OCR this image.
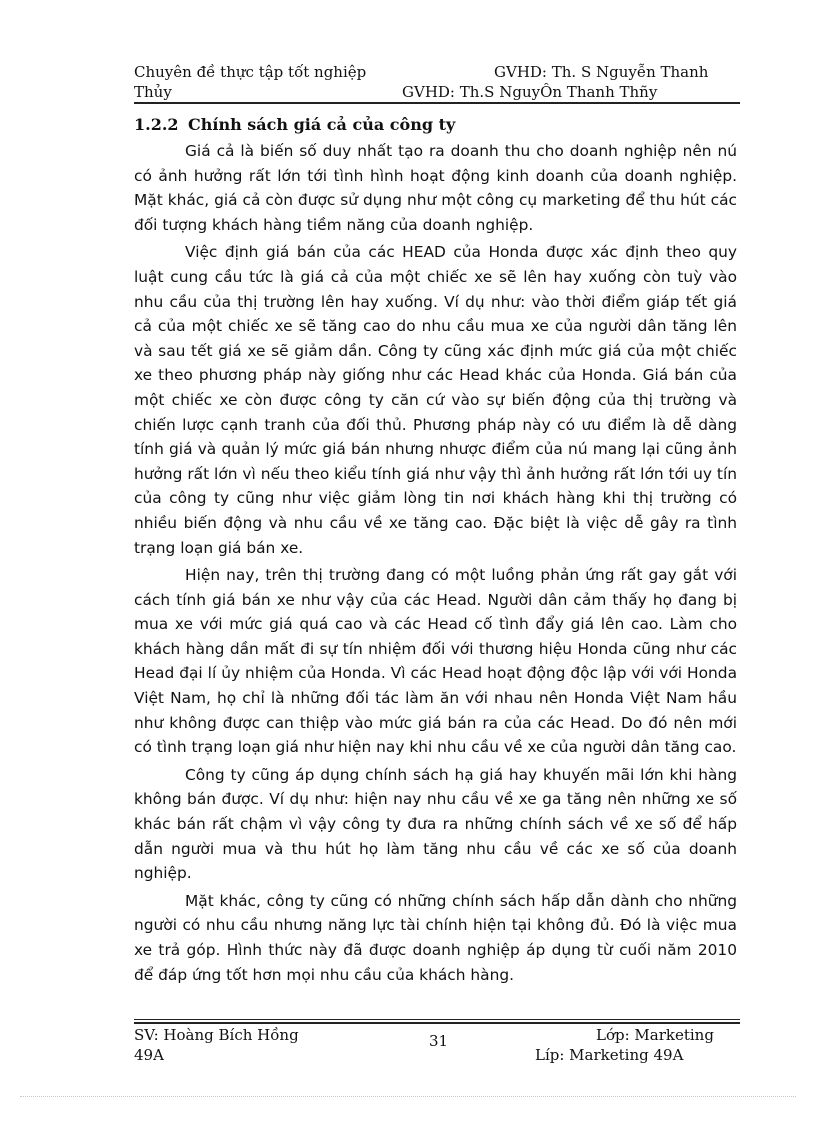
Chuyên đề thực tập tốt nghiệp	GVHD: Th. S Nguyễn Thanh
Thủy	GVHD: Th.S NguyÔn Thanh Thñy
1.2.2 Chính sách giá cả của công ty

Giá cả là biến số duy nhất tạo ra doanh thu cho doanh nghiệp nên nú có ảnh hưởng rất lớn tới tình hình hoạt động kinh doanh của doanh nghiệp. Mặt khác, giá cả còn được sử dụng như một công cụ marketing để thu hút các đối tượng khách hàng tiềm năng của doanh nghiệp.

Việc định giá bán của các HEAD của Honda được xác định theo quy luật cung cầu tức là giá cả của một chiếc xe sẽ lên hay xuống còn tuỳ vào nhu cầu của thị trường lên hay xuống. Ví dụ như: vào thời điểm giáp tết giá cả của một chiếc xe sẽ tăng cao do nhu cầu mua xe của người dân tăng lên và sau tết giá xe sẽ giảm dần. Công ty cũng xác định mức giá của một chiếc xe theo phương pháp này giống như các Head khác của Honda. Giá bán của một chiếc xe còn được công ty căn cứ vào sự biến động của thị trường và chiến lược cạnh tranh của đối thủ. Phương pháp này có ưu điểm là dễ dàng tính giá và quản lý mức giá bán nhưng nhược điểm của nú mang lại cũng ảnh hưởng rất lớn vì nếu theo kiểu tính giá như vậy thì ảnh hưởng rất lớn tới uy tín của công ty cũng như việc giảm lòng tin nơi khách hàng khi thị trường có nhiều biến động và nhu cầu về xe tăng cao. Đặc biệt là việc dễ gây ra tình trạng loạn giá bán xe.

Hiện nay, trên thị trường đang có một luồng phản ứng rất gay gắt với cách tính giá bán xe như vậy của các Head. Người dân cảm thấy họ đang bị mua xe với mức giá quá cao và các Head cố tình đẩy giá lên cao. Làm cho khách hàng dần mất đi sự tín nhiệm đối với thương hiệu Honda cũng như các Head đại lí ủy nhiệm của Honda. Vì các Head hoạt động độc lập với với Honda Việt Nam, họ chỉ là những đối tác làm ăn với nhau nên Honda Việt Nam hầu như không được can thiệp vào mức giá bán ra của các Head. Do đó nên mới có tình trạng loạn giá như hiện nay khi nhu cầu về xe của người dân tăng cao.

Công ty cũng áp dụng chính sách hạ giá hay khuyến mãi lớn khi hàng không bán được. Ví dụ như: hiện nay nhu cầu về xe ga tăng nên những xe số khác bán rất chậm vì vậy công ty đưa ra những chính sách về xe số để hấp dẫn người mua và thu hút họ làm tăng nhu cầu về các xe số của doanh nghiệp.

Mặt khác, công ty cũng có những chính sách hấp dẫn dành cho những người có nhu cầu nhưng năng lực tài chính hiện tại không đủ. Đó là việc mua xe trả góp. Hình thức này đã được doanh nghiệp áp dụng từ cuối năm 2010 để đáp ứng tốt hơn mọi nhu cầu của khách hàng.

SV: Hoàng Bích Hồng	31	Lớp: Marketing
49A	Líp: Marketing 49A
